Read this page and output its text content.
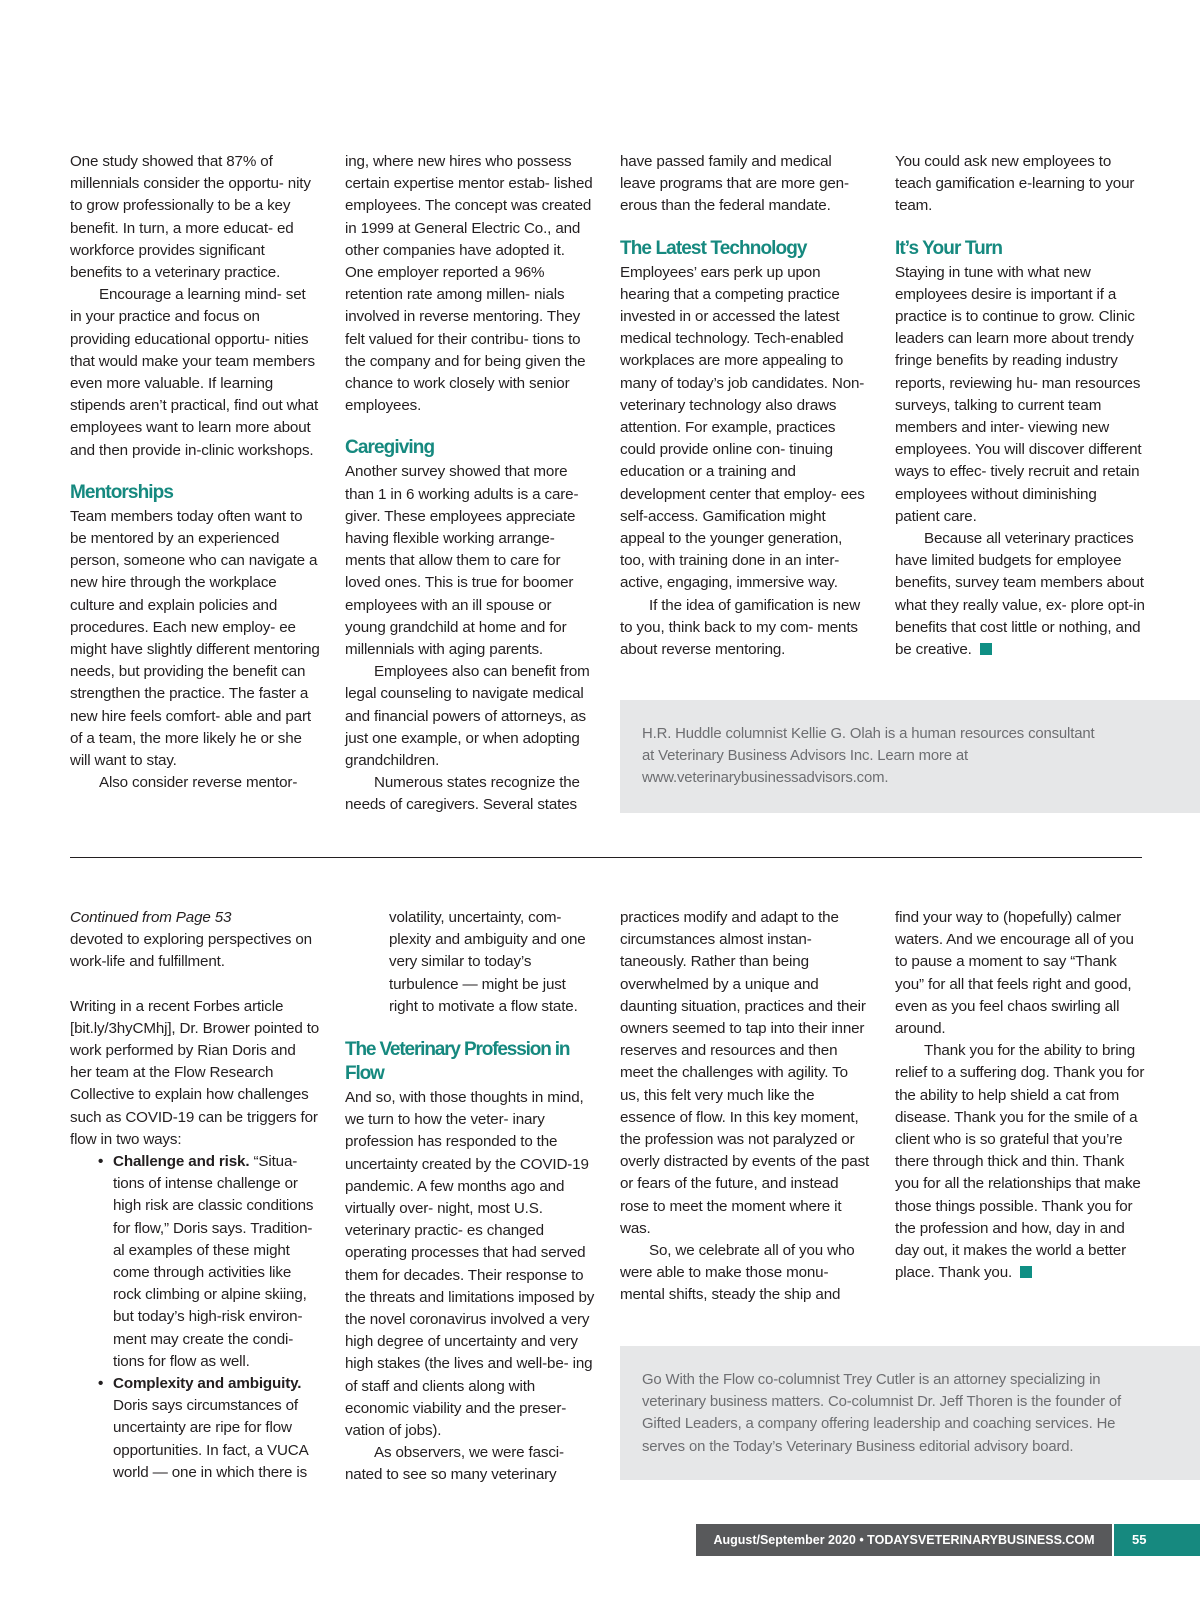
One study showed that 87% of millennials consider the opportu- nity to grow professionally to be a key benefit. In turn, a more educat- ed workforce provides significant benefits to a veterinary practice.

Encourage a learning mind- set in your practice and focus on providing educational opportu- nities that would make your team members even more valuable. If learning stipends aren’t practical, find out what employees want to learn more about and then provide in-clinic workshops.

Mentorships

Team members today often want to be mentored by an experienced person, someone who can navigate a new hire through the workplace culture and explain policies and procedures. Each new employ- ee might have slightly different mentoring needs, but providing the benefit can strengthen the practice. The faster a new hire feels comfort- able and part of a team, the more likely he or she will want to stay.

Also consider reverse mentor-

ing, where new hires who possess certain expertise mentor estab- lished employees. The concept was created in 1999 at General Electric Co., and other companies have adopted it. One employer reported a 96% retention rate among millen- nials involved in reverse mentoring. They felt valued for their contribu- tions to the company and for being given the chance to work closely with senior employees.

Caregiving

Another survey showed that more than 1 in 6 working adults is a care- giver. These employees appreciate having flexible working arrange- ments that allow them to care for loved ones. This is true for boomer employees with an ill spouse or young grandchild at home and for millennials with aging parents.

Employees also can benefit from legal counseling to navigate medical and financial powers of attorneys, as just one example, or when adopting grandchildren.

Numerous states recognize the needs of caregivers. Several states

have passed family and medical leave programs that are more gen- erous than the federal mandate.

The Latest Technology

Employees’ ears perk up upon hearing that a competing practice invested in or accessed the latest medical technology. Tech-enabled workplaces are more appealing to many of today’s job candidates. Non-veterinary technology also draws attention. For example, practices could provide online con- tinuing education or a training and development center that employ- ees self-access. Gamification might appeal to the younger generation, too, with training done in an inter- active, engaging, immersive way.

If the idea of gamification is new to you, think back to my com- ments about reverse mentoring.

You could ask new employees to teach gamification e-learning to your team.

It’s Your Turn

Staying in tune with what new employees desire is important if a practice is to continue to grow. Clinic leaders can learn more about trendy fringe benefits by reading industry reports, reviewing hu- man resources surveys, talking to current team members and inter- viewing new employees. You will discover different ways to effec- tively recruit and retain employees without diminishing patient care.

Because all veterinary practices have limited budgets for employee benefits, survey team members about what they really value, ex- plore opt-in benefits that cost little or nothing, and be creative.

H.R. Huddle columnist Kellie G. Olah is a human resources consultant at Veterinary Business Advisors Inc. Learn more at www.veterinarybusinessadvisors.com.

Continued from Page 53

devoted to exploring perspectives on work-life and fulfillment.

Writing in a recent Forbes article [bit.ly/3hyCMhj], Dr. Brower pointed to work performed by Rian Doris and her team at the Flow Research Collective to explain how challenges such as COVID-19 can be triggers for flow in two ways:

• Challenge and risk. “Situa- tions of intense challenge or high risk are classic conditions for flow,” Doris says. Tradition- al examples of these might come through activities like rock climbing or alpine skiing, but today’s high-risk environ- ment may create the condi- tions for flow as well.
• Complexity and ambiguity. Doris says circumstances of uncertainty are ripe for flow opportunities. In fact, a VUCA world — one in which there is

volatility, uncertainty, com- plexity and ambiguity and one very similar to today’s turbulence — might be just right to motivate a flow state.

The Veterinary Profession in Flow

And so, with those thoughts in mind, we turn to how the veter- inary profession has responded to the uncertainty created by the COVID-19 pandemic. A few months ago and virtually over- night, most U.S. veterinary practic- es changed operating processes that had served them for decades. Their response to the threats and limitations imposed by the novel coronavirus involved a very high degree of uncertainty and very high stakes (the lives and well-be- ing of staff and clients along with economic viability and the preser- vation of jobs).

As observers, we were fasci- nated to see so many veterinary

practices modify and adapt to the circumstances almost instan- taneously. Rather than being overwhelmed by a unique and daunting situation, practices and their owners seemed to tap into their inner reserves and resources and then meet the challenges with agility. To us, this felt very much like the essence of flow. In this key moment, the profession was not paralyzed or overly distracted by events of the past or fears of the future, and instead rose to meet the moment where it was.

So, we celebrate all of you who were able to make those monu- mental shifts, steady the ship and

find your way to (hopefully) calmer waters. And we encourage all of you to pause a moment to say “Thank you” for all that feels right and good, even as you feel chaos swirling all around.

Thank you for the ability to bring relief to a suffering dog. Thank you for the ability to help shield a cat from disease. Thank you for the smile of a client who is so grateful that you’re there through thick and thin. Thank you for all the relationships that make those things possible. Thank you for the profession and how, day in and day out, it makes the world a better place. Thank you.

Go With the Flow co-columnist Trey Cutler is an attorney specializing in veterinary business matters. Co-columnist Dr. Jeff Thoren is the founder of Gifted Leaders, a company offering leadership and coaching services. He serves on the Today’s Veterinary Business editorial advisory board.
August/September 2020 • TODAYSVETERINARYBUSINESS.COM	55
